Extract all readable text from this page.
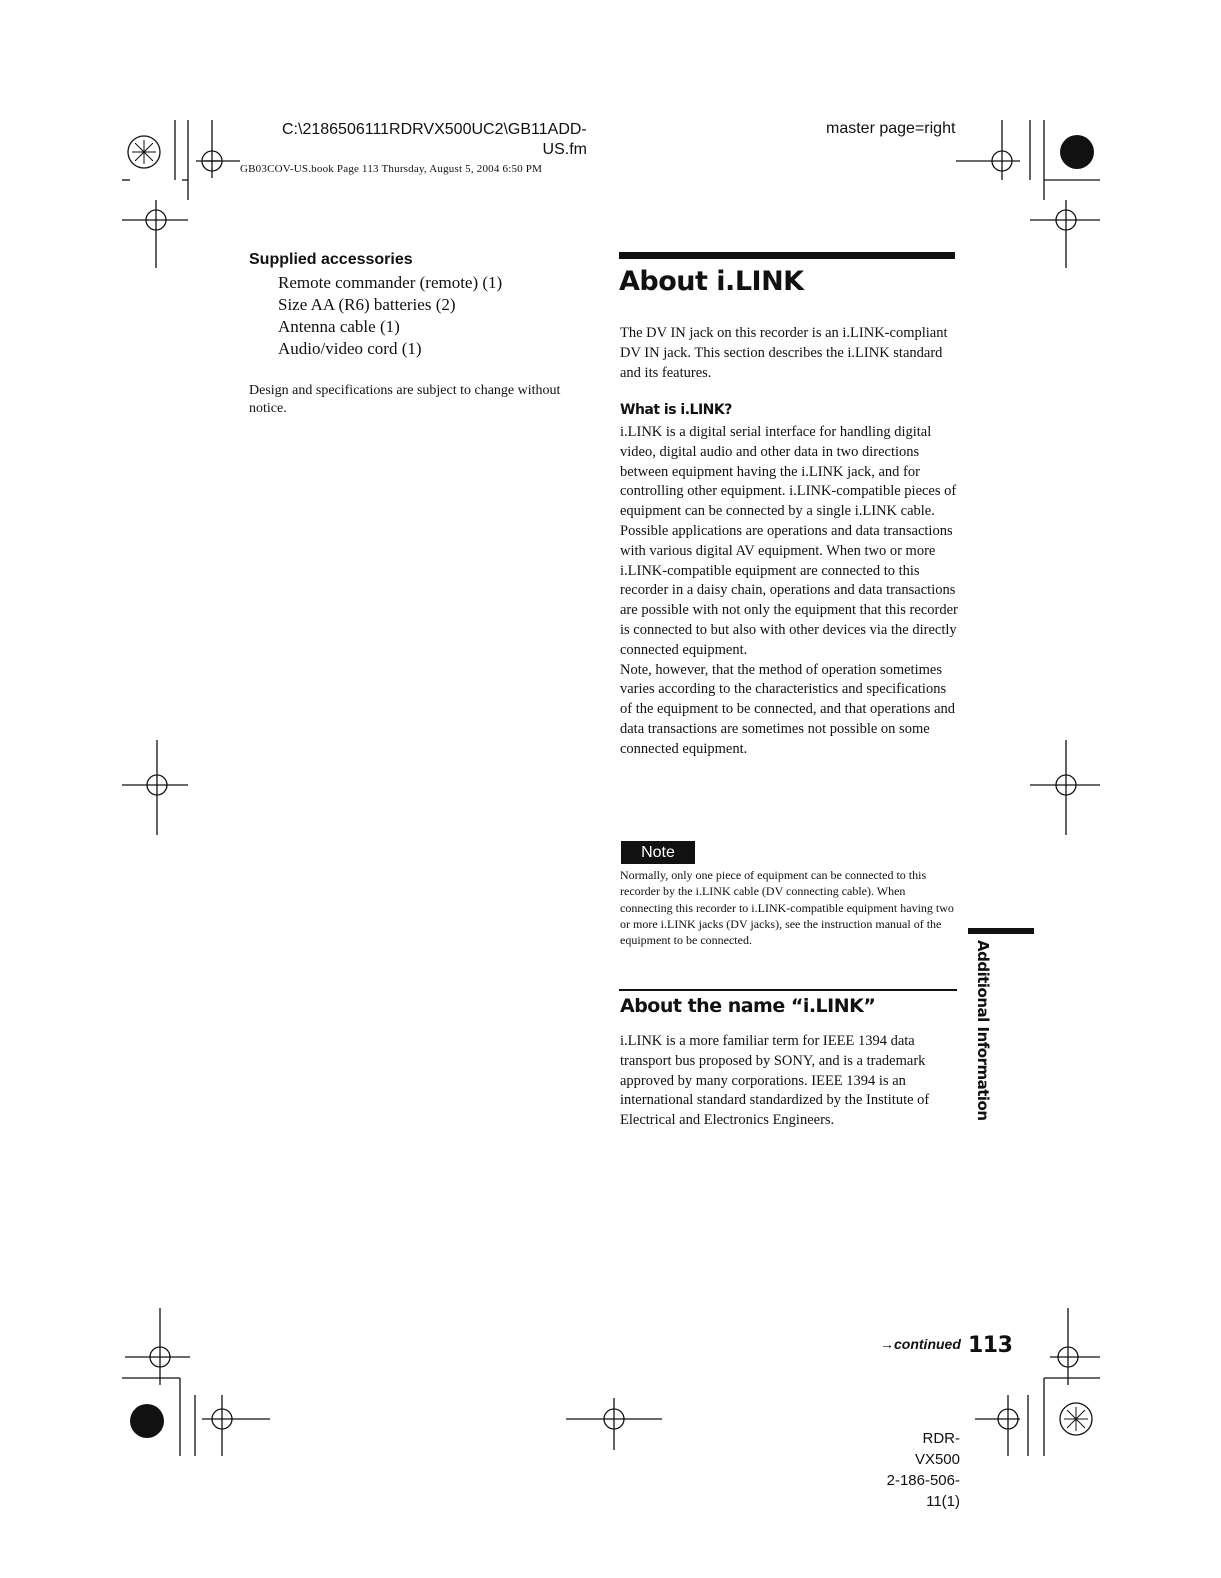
C:\2186506111RDRVX500UC2\GB11ADD-
US.fm
GB03COV-US.book Page 113 Thursday, August 5, 2004 6:50 PM
master page=right
Supplied accessories
Remote commander (remote) (1)
Size AA (R6) batteries (2)
Antenna cable (1)
Audio/video cord (1)
Design and specifications are subject to change without notice.
About i.LINK
The DV IN jack on this recorder is an i.LINK-compliant DV IN jack. This section describes the i.LINK standard and its features.
What is i.LINK?
i.LINK is a digital serial interface for handling digital video, digital audio and other data in two directions between equipment having the i.LINK jack, and for controlling other equipment. i.LINK-compatible pieces of equipment can be connected by a single i.LINK cable. Possible applications are operations and data transactions with various digital AV equipment. When two or more i.LINK-compatible equipment are connected to this recorder in a daisy chain, operations and data transactions are possible with not only the equipment that this recorder is connected to but also with other devices via the directly connected equipment.
Note, however, that the method of operation sometimes varies according to the characteristics and specifications of the equipment to be connected, and that operations and data transactions are sometimes not possible on some connected equipment.
Note
Normally, only one piece of equipment can be connected to this recorder by the i.LINK cable (DV connecting cable). When connecting this recorder to i.LINK-compatible equipment having two or more i.LINK jacks (DV jacks), see the instruction manual of the equipment to be connected.
About the name “i.LINK”
i.LINK is a more familiar term for IEEE 1394 data transport bus proposed by SONY, and is a trademark approved by many corporations. IEEE 1394 is an international standard standardized by the Institute of Electrical and Electronics Engineers.	Additional Information
→continued 113
RDR-VX500
2-186-506-11(1)
